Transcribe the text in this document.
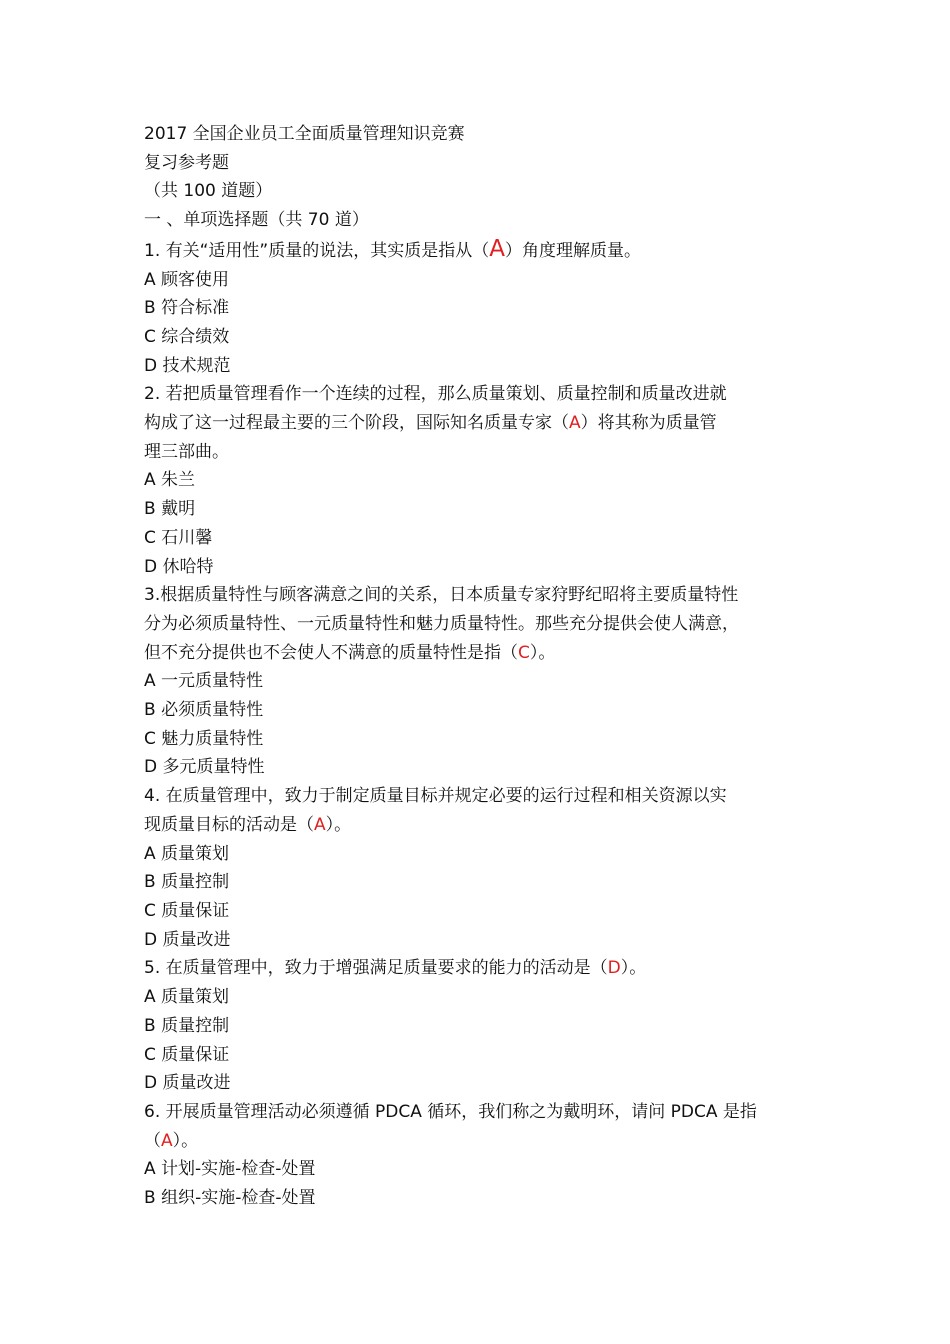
2017 全国企业员工全面质量管理知识竞赛
复习参考题
（共 100 道题）
一 、单项选择题（共 70 道）
1. 有关“适用性”质量的说法，其实质是指从（A）角度理解质量。
A 顾客使用
B 符合标准
C 综合绩效
D 技术规范
2. 若把质量管理看作一个连续的过程，那么质量策划、质量控制和质量改进就
构成了这一过程最主要的三个阶段，国际知名质量专家（A）将其称为质量管
理三部曲。
A 朱兰
B 戴明
C 石川馨
D 休哈特
3.根据质量特性与顾客满意之间的关系，日本质量专家狩野纪昭将主要质量特性
分为必须质量特性、一元质量特性和魅力质量特性。那些充分提供会使人满意，
但不充分提供也不会使人不满意的质量特性是指（C）。
A 一元质量特性
B 必须质量特性
C 魅力质量特性
D 多元质量特性
4. 在质量管理中，致力于制定质量目标并规定必要的运行过程和相关资源以实
现质量目标的活动是（A）。
A 质量策划
B 质量控制
C 质量保证
D 质量改进
5. 在质量管理中，致力于增强满足质量要求的能力的活动是（D）。
A 质量策划
B 质量控制
C 质量保证
D 质量改进
6. 开展质量管理活动必须遵循 PDCA 循环，我们称之为戴明环，请问 PDCA 是指
（A）。
A 计划-实施-检查-处置
B 组织-实施-检查-处置
